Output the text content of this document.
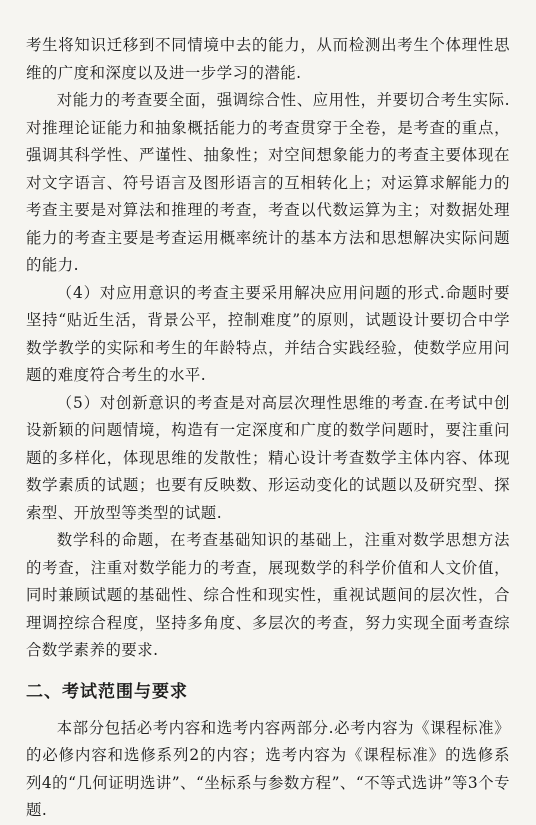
考生将知识迁移到不同情境中去的能力，从而检测出考生个体理性思维的广度和深度以及进一步学习的潜能.

对能力的考查要全面，强调综合性、应用性，并要切合考生实际.对推理论证能力和抽象概括能力的考查贯穿于全卷，是考查的重点，强调其科学性、严谨性、抽象性；对空间想象能力的考查主要体现在对文字语言、符号语言及图形语言的互相转化上；对运算求解能力的考查主要是对算法和推理的考查，考查以代数运算为主；对数据处理能力的考查主要是考查运用概率统计的基本方法和思想解决实际问题的能力.

（4）对应用意识的考查主要采用解决应用问题的形式.命题时要坚持“贴近生活，背景公平，控制难度”的原则，试题设计要切合中学数学教学的实际和考生的年龄特点，并结合实践经验，使数学应用问题的难度符合考生的水平.

（5）对创新意识的考查是对高层次理性思维的考查.在考试中创设新颖的问题情境，构造有一定深度和广度的数学问题时，要注重问题的多样化，体现思维的发散性；精心设计考查数学主体内容、体现数学素质的试题；也要有反映数、形运动变化的试题以及研究型、探索型、开放型等类型的试题.

数学科的命题，在考查基础知识的基础上，注重对数学思想方法的考查，注重对数学能力的考查，展现数学的科学价值和人文价值，同时兼顾试题的基础性、综合性和现实性，重视试题间的层次性，合理调控综合程度，坚持多角度、多层次的考查，努力实现全面考查综合数学素养的要求.

二、考试范围与要求

本部分包括必考内容和选考内容两部分.必考内容为《课程标准》的必修内容和选修系列2的内容；选考内容为《课程标准》的选修系列4的“几何证明选讲”、“坐标系与参数方程”、“不等式选讲”等3个专题.
